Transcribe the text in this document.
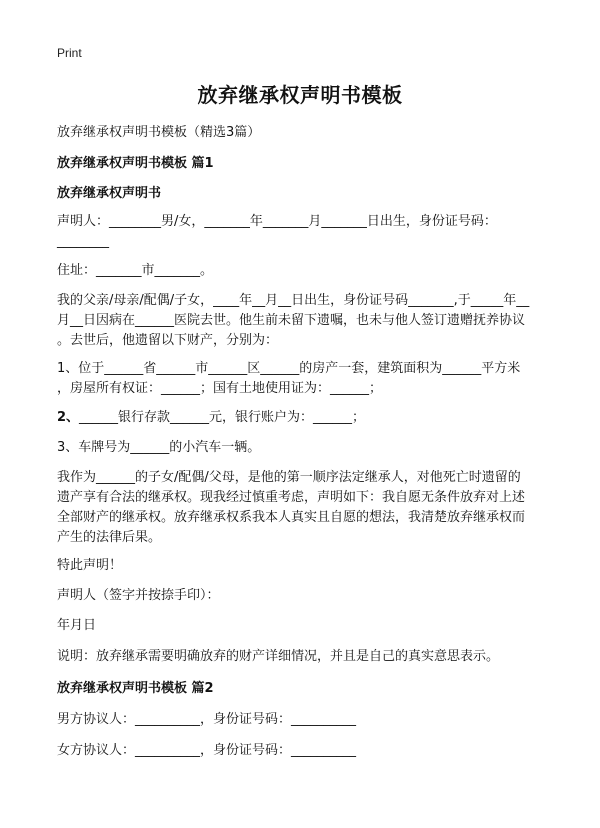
Print
放弃继承权声明书模板
放弃继承权声明书模板（精选3篇）
放弃继承权声明书模板 篇1
放弃继承权声明书
声明人：________男/女，_______年_______月_______日出生，身份证号码：
________
住址：_______市_______。
我的父亲/母亲/配偶/子女，____年__月__日出生，身份证号码_______,于_____年__
月__日因病在______医院去世。他生前未留下遗嘱，也未与他人签订遗赠抚养协议
。去世后，他遗留以下财产，分别为：
1、位于______省______市______区______的房产一套，建筑面积为______平方米
，房屋所有权证：______；国有土地使用证为：______；
2、______银行存款______元，银行账户为：______；
3、车牌号为______的小汽车一辆。
我作为______的子女/配偶/父母，是他的第一顺序法定继承人，对他死亡时遗留的
遗产享有合法的继承权。现我经过慎重考虑，声明如下：我自愿无条件放弃对上述
全部财产的继承权。放弃继承权系我本人真实且自愿的想法，我清楚放弃继承权而
产生的法律后果。
特此声明！
声明人（签字并按捺手印）：
年月日
说明：放弃继承需要明确放弃的财产详细情况，并且是自己的真实意思表示。
放弃继承权声明书模板 篇2
男方协议人：__________，身份证号码：__________
女方协议人：__________，身份证号码：__________
